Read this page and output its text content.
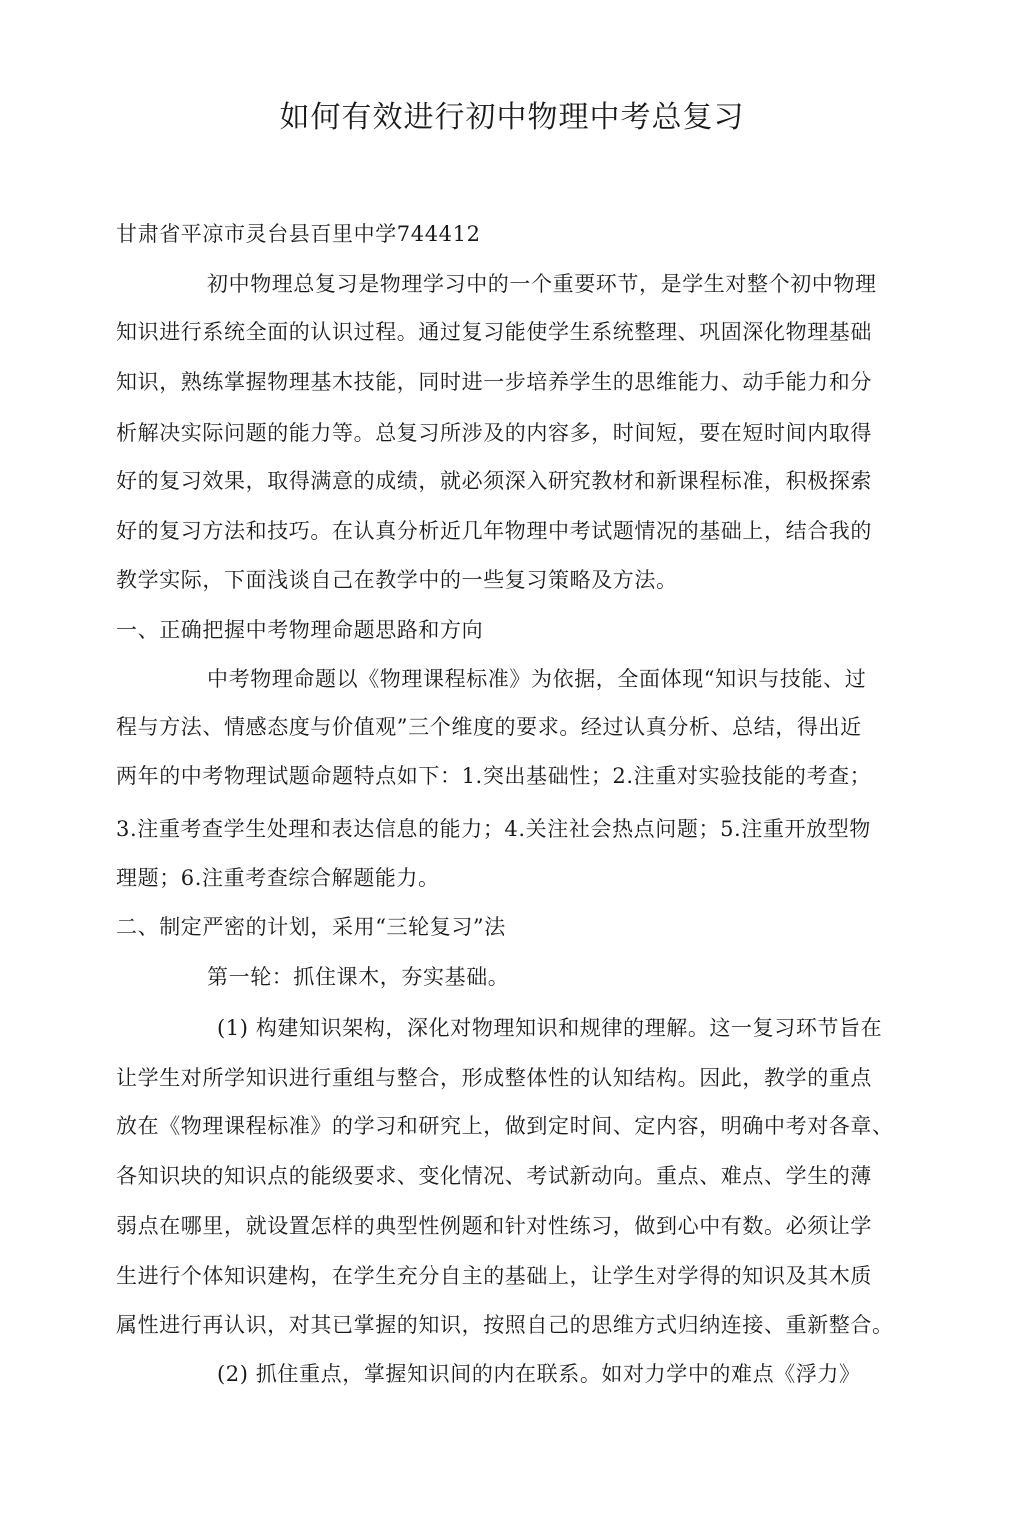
如何有效进行初中物理中考总复习
甘肃省平凉市灵台县百里中学744412
初中物理总复习是物理学习中的一个重要环节，是学生对整个初中物理
知识进行系统全面的认识过程。通过复习能使学生系统整理、巩固深化物理基础
知识，熟练掌握物理基木技能，同时进一步培养学生的思维能力、动手能力和分
析解决实际问题的能力等。总复习所涉及的内容多，时间短，要在短时间内取得
好的复习效果，取得满意的成绩，就必须深入研究教材和新课程标准，积极探索
好的复习方法和技巧。在认真分析近几年物理中考试题情况的基础上，结合我的
教学实际，下面浅谈自己在教学中的一些复习策略及方法。
一、正确把握中考物理命题思路和方向
中考物理命题以《物理课程标准》为依据，全面体现“知识与技能、过
程与方法、情感态度与价值观”三个维度的要求。经过认真分析、总结，得出近
两年的中考物理试题命题特点如下：1.突出基础性；2.注重对实验技能的考查；
3.注重考查学生处理和表达信息的能力；4.关注社会热点问题；5.注重开放型物
理题；6.注重考查综合解题能力。
二、制定严密的计划，采用“三轮复习”法
第一轮：抓住课木，夯实基础。
(1) 构建知识架构，深化对物理知识和规律的理解。这一复习环节旨在
让学生对所学知识进行重组与整合，形成整体性的认知结构。因此，教学的重点
放在《物理课程标准》的学习和研究上，做到定时间、定内容，明确中考对各章、
各知识块的知识点的能级要求、变化情况、考试新动向。重点、难点、学生的薄
弱点在哪里，就设置怎样的典型性例题和针对性练习，做到心中有数。必须让学
生进行个体知识建构，在学生充分自主的基础上，让学生对学得的知识及其木质
属性进行再认识，对其已掌握的知识，按照自己的思维方式归纳连接、重新整合。
(2) 抓住重点，掌握知识间的内在联系。如对力学中的难点《浮力》
